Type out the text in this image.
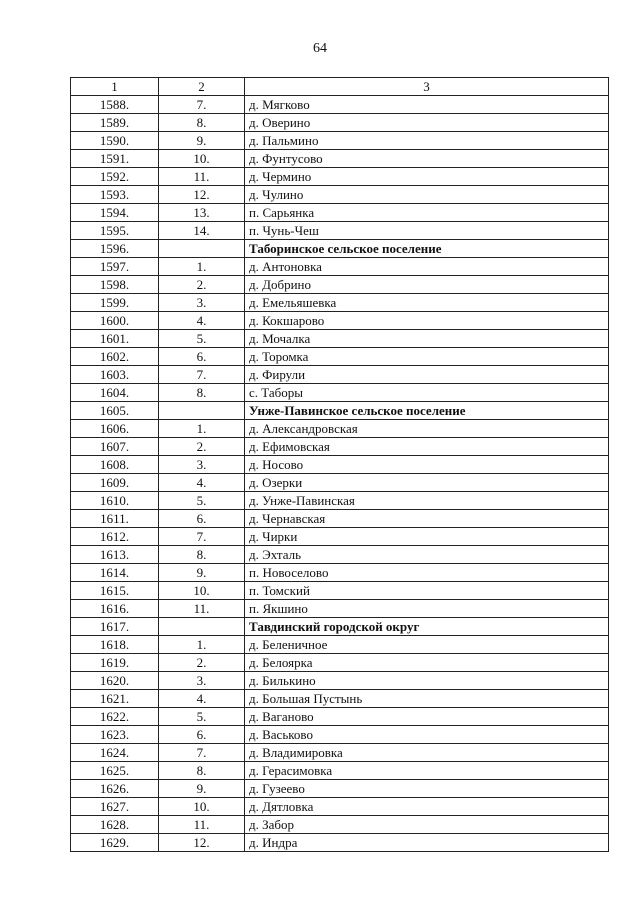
64
1	2	3
1588.	7.	д. Мягково
1589.	8.	д. Оверино
1590.	9.	д. Пальмино
1591.	10.	д. Фунтусово
1592.	11.	д. Чермино
1593.	12.	д. Чулино
1594.	13.	п. Сарьянка
1595.	14.	п. Чунь-Чеш
1596.		Таборинское сельское поселение
1597.	1.	д. Антоновка
1598.	2.	д. Добрино
1599.	3.	д. Емельяшевка
1600.	4.	д. Кокшарово
1601.	5.	д. Мочалка
1602.	6.	д. Торомка
1603.	7.	д. Фирули
1604.	8.	с. Таборы
1605.		Унже-Павинское сельское поселение
1606.	1.	д. Александровская
1607.	2.	д. Ефимовская
1608.	3.	д. Носово
1609.	4.	д. Озерки
1610.	5.	д. Унже-Павинская
1611.	6.	д. Чернавская
1612.	7.	д. Чирки
1613.	8.	д. Эхталь
1614.	9.	п. Новоселово
1615.	10.	п. Томский
1616.	11.	п. Якшино
1617.		Тавдинский городской округ
1618.	1.	д. Беленичное
1619.	2.	д. Белоярка
1620.	3.	д. Билькино
1621.	4.	д. Большая Пустынь
1622.	5.	д. Ваганово
1623.	6.	д. Васьково
1624.	7.	д. Владимировка
1625.	8.	д. Герасимовка
1626.	9.	д. Гузеево
1627.	10.	д. Дятловка
1628.	11.	д. Забор
1629.	12.	д. Индра
